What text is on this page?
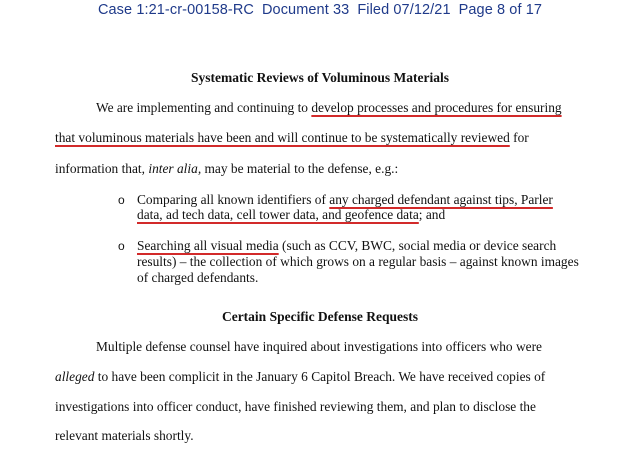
Case 1:21-cr-00158-RC Document 33 Filed 07/12/21 Page 8 of 17
Systematic Reviews of Voluminous Materials
We are implementing and continuing to develop processes and procedures for ensuring
that voluminous materials have been and will continue to be systematically reviewed for
information that, inter alia, may be material to the defense, e.g.:
o Comparing all known identifiers of any charged defendant against tips, Parler
data, ad tech data, cell tower data, and geofence data; and
o Searching all visual media (such as CCV, BWC, social media or device search
results) – the collection of which grows on a regular basis – against known images
of charged defendants.
Certain Specific Defense Requests
Multiple defense counsel have inquired about investigations into officers who were
alleged to have been complicit in the January 6 Capitol Breach. We have received copies of
investigations into officer conduct, have finished reviewing them, and plan to disclose the
relevant materials shortly.
